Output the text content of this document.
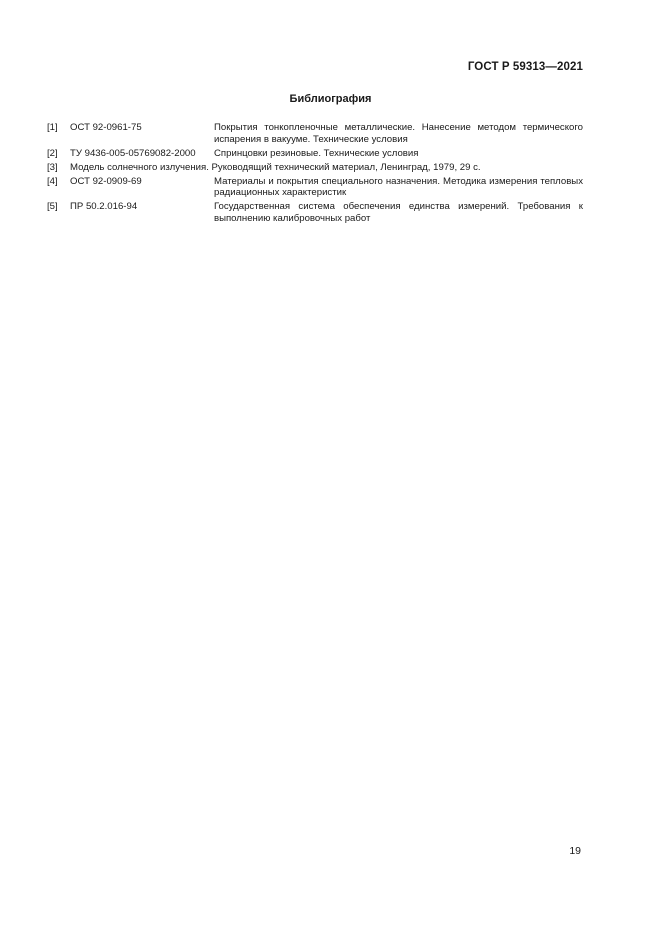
ГОСТ Р 59313—2021
Библиография
[1]	ОСТ 92-0961-75	Покрытия тонкопленочные металлические. Нанесение методом термического испарения в вакууме. Технические условия
[2]	ТУ 9436-005-05769082-2000	Спринцовки резиновые. Технические условия
[3]	Модель солнечного излучения. Руководящий технический материал, Ленинград, 1979, 29 с.
[4]	ОСТ 92-0909-69	Материалы и покрытия специального назначения. Методика измерения тепловых радиационных характеристик
[5]	ПР 50.2.016-94	Государственная система обеспечения единства измерений. Требования к выполнению калибровочных работ
19
